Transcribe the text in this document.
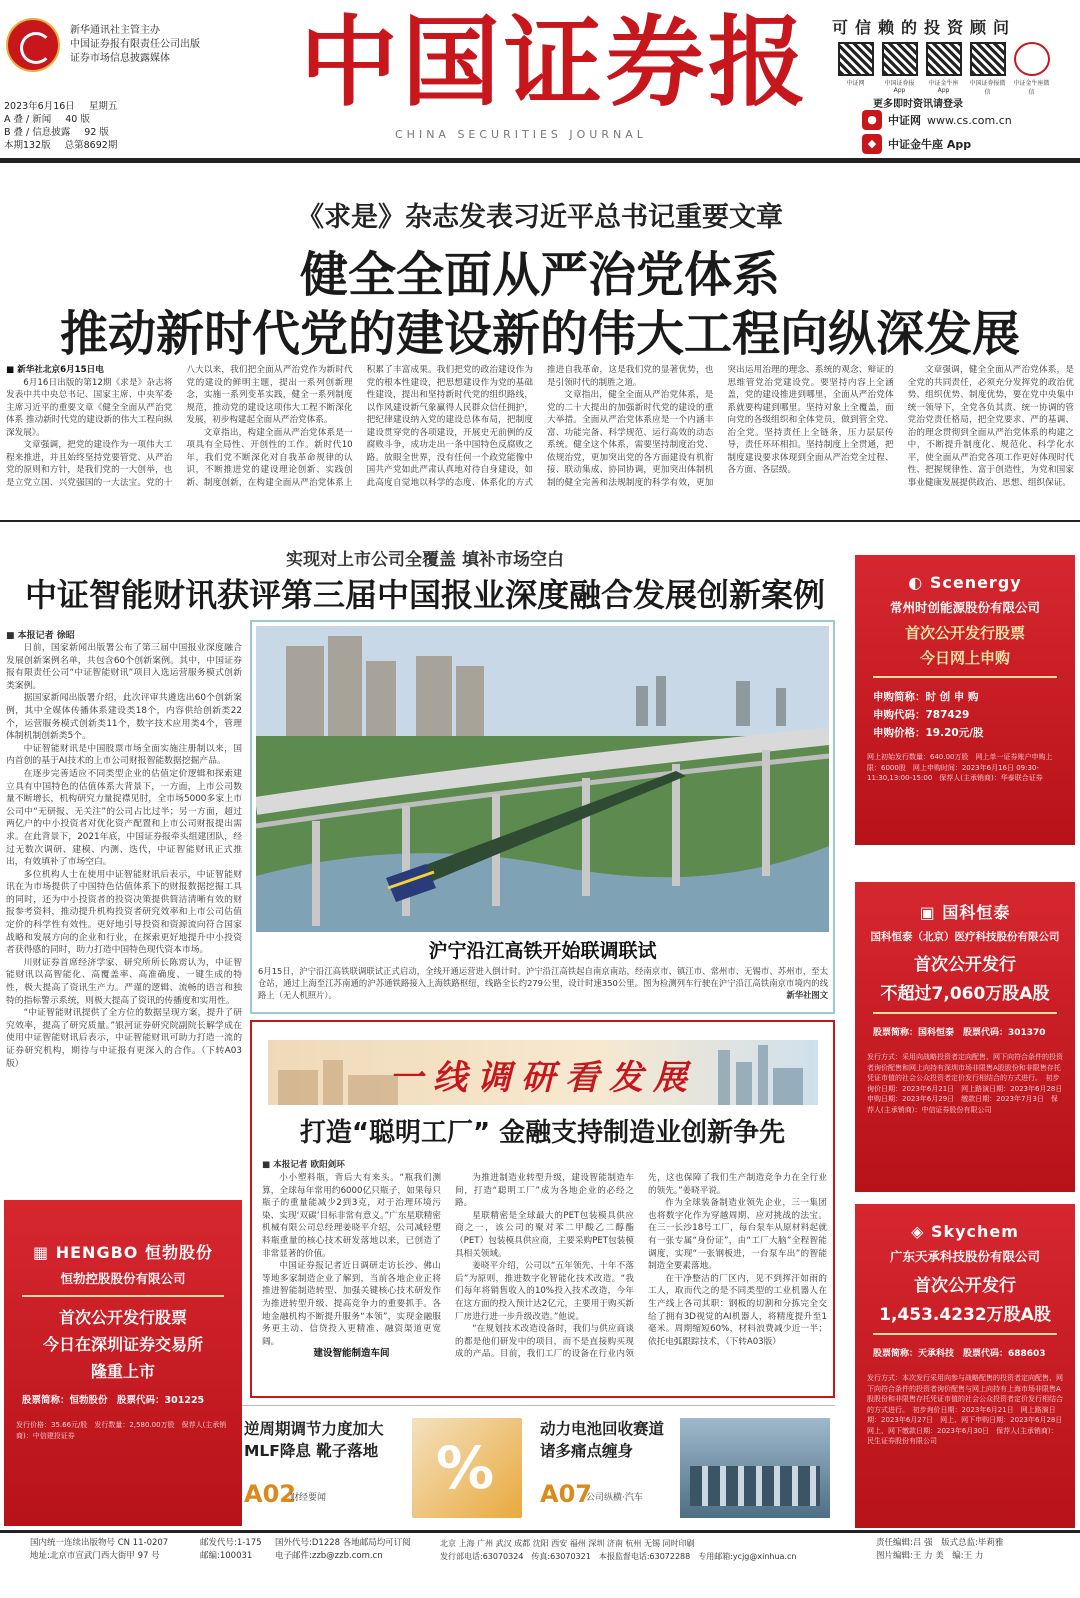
新华通讯社主管主办
中国证券报有限责任公司出版
证券市场信息披露媒体
2023年6月16日 星期五
A 叠 / 新闻 40 版
B 叠 / 信息披露 92 版
本期132版 总第8692期
中国证券报
CHINA SECURITIES JOURNAL
可信赖的投资顾问
中证网	中国证券报App
中证金牛座App
中国证券报微信
中证金牛座微信
更多即时资讯请登录
●	中证网 www.cs.com.cn
◆	中证金牛座 App
《求是》杂志发表习近平总书记重要文章
健全全面从严治党体系
推动新时代党的建设新的伟大工程向纵深发展

■ 新华社北京6月15日电

6月16日出版的第12期《求是》杂志将发表中共中央总书记、国家主席、中央军委主席习近平的重要文章《健全全面从严治党体系 推动新时代党的建设新的伟大工程向纵深发展》。

文章强调，把党的建设作为一项伟大工程来推进，并且始终坚持党要管党、从严治党的原则和方针，是我们党的一大创举，也是立党立国、兴党强国的一大法宝。党的十八大以来，我们把全面从严治党作为新时代党的建设的鲜明主题，提出一系列创新理念，实施一系列变革实践，健全一系列制度规范，推动党的建设这项伟大工程不断深化发展，初步构建起全面从严治党体系。

文章指出，构建全面从严治党体系是一项具有全局性、开创性的工作。新时代10年，我们党不断深化对自我革命规律的认识，不断推进党的建设理论创新、实践创新、制度创新，在构建全面从严治党体系上积累了丰富成果。我们把党的政治建设作为党的根本性建设，把思想建设作为党的基础性建设，提出和坚持新时代党的组织路线，以作风建设新气象赢得人民群众信任拥护，把纪律建设纳入党的建设总体布局，把制度建设贯穿党的各项建设，开展史无前例的反腐败斗争，成功走出一条中国特色反腐败之路。放眼全世界，没有任何一个政党能像中国共产党如此严肃认真地对待自身建设，如此高度自觉地以科学的态度、体系化的方式推进自我革命，这是我们党的显著优势，也是引领时代的制胜之道。

文章指出，健全全面从严治党体系，是党的二十大提出的加强新时代党的建设的重大举措。全面从严治党体系应是一个内涵丰富、功能完备、科学规范、运行高效的动态系统。健全这个体系，需要坚持制度治党、依规治党，更加突出党的各方面建设有机衔接、联动集成、协同协调，更加突出体制机制的健全完善和法规制度的科学有效，更加突出运用治理的理念、系统的观念、辩证的思维管党治党建设党。要坚持内容上全涵盖，党的建设推进到哪里，全面从严治党体系就要构建到哪里。坚持对象上全覆盖，面向党的各级组织和全体党员，做到管全党、治全党。坚持责任上全链条，压力层层传导，责任环环相扣。坚持制度上全贯通，把制度建设要求体现到全面从严治党全过程、各方面、各层级。

文章强调，健全全面从严治党体系，是全党的共同责任，必须充分发挥党的政治优势、组织优势、制度优势，要在党中央集中统一领导下，全党各负其责、统一协调的管党治党责任格局，把全党要求、严的基调、治的理念贯彻到全面从严治党体系的构建之中，不断提升制度化、规范化、科学化水平，使全面从严治党各项工作更好体现时代性、把握规律性、富于创造性，为党和国家事业健康发展提供政治、思想、组织保证。

实现对上市公司全覆盖 填补市场空白
中证智能财讯获评第三届中国报业深度融合发展创新案例
■ 本报记者 徐昭

日前，国家新闻出版署公布了第三届中国报业深度融合发展创新案例名单，共包含60个创新案例。其中，中国证券报有限责任公司“中证智能财讯”项目入选运营服务模式创新类案例。

据国家新闻出版署介绍，此次评审共遴选出60个创新案例，其中全媒体传播体系建设类18个，内容供给创新类22个，运营服务模式创新类11个，数字技术应用类4个，管理体制机制创新类5个。

中证智能财讯是中国股票市场全面实施注册制以来，国内首创的基于AI技术的上市公司财报智能数据挖掘产品。

在逐步完善适应不同类型企业的估值定价逻辑和探索建立具有中国特色的估值体系大背景下，一方面，上市公司数量不断增长，机构研究力量捉襟见肘，全市场5000多家上市公司中“无研报、无关注”的公司占比过半；另一方面，超过两亿户的中小投资者对优化资产配置和上市公司财报提出需求。在此背景下，2021年底，中国证券报牵头组建团队，经过无数次调研、建模、内测、迭代，中证智能财讯正式推出，有效填补了市场空白。

多位机构人士在使用中证智能财讯后表示，中证智能财讯在为市场提供了中国特色估值体系下的财报数据挖掘工具的同时，还为中小投资者的投资决策提供简洁清晰有效的财报参考资料，推动提升机构投资者研究效率和上市公司估值定价的科学性有效性。更好地引导投资和资源流向符合国家战略和发展方向的企业和行业，在探索更好地提升中小投资者获得感的同时，助力打造中国特色现代资本市场。

川财证券首席经济学家、研究所所长陈雳认为，中证智能财讯以高智能化、高覆盖率、高准确度、一键生成的特性，极大提高了资讯生产力。严谨的逻辑、流畅的语言和独特的指标警示系统，则极大提高了资讯的传播度和实用性。

“中证智能财讯提供了全方位的数据呈现方案，提升了研究效率，提高了研究质量。”银河证券研究院副院长解学成在使用中证智能财讯后表示，中证智能财讯可助力打造一流的证券研究机构，期待与中证报有更深入的合作。（下转A03版）

沪宁沿江高铁开始联调联试
6月15日，沪宁沿江高铁联调联试正式启动，全线开通运营进入倒计时。沪宁沿江高铁起自南京南站，经南京市、镇江市、常州市、无锡市、苏州市，至太仓站，通过上海至江苏南通的沪苏通铁路接入上海铁路枢纽，线路全长约279公里，设计时速350公里。图为检测列车行驶在沪宁沿江高铁南京市境内的线路上（无人机照片）。	新华社图文
一线调研看发展
打造“聪明工厂” 金融支持制造业创新争先
■ 本报记者 欧阳剑环

小小塑料瓶，背后大有来头。“瓶我们测算，全球每年常用约6000亿只瓶子，如果每只瓶子的重量能减少2到3克，对于治理环境污染、实现‘双碳’目标非常有意义。”广东星联精密机械有限公司总经理姜晓平介绍，公司减轻塑料瓶重量的核心技术研发落地以来，已创造了非常显著的价值。

中国证券报记者近日调研走访长沙、佛山等地多家制造企业了解到，当前各地企业正将推进智能制造转型、加强关键核心技术研发作为推进转型升级、提高竞争力的重要抓手。各地金融机构不断提升服务“本领”，实现金融服务更主动、信贷投入更精准、融资渠道更宽阔。

建设智能制造车间

为推进制造业转型升级，建设智能制造车间，打造“聪明工厂”成为各地企业的必经之路。

星联精密是全球最大的PET包装模具供应商之一，该公司的聚对苯二甲酸乙二醇酯（PET）包装模具供应商，主要采购PET包装模具相关领域。

姜晓平介绍，公司以“五年领先、十年不落后”为原则，推进数字化智能化技术改造。“我们每年将销售收入的10%投入技术改造，今年在这方面的投入预计达2亿元，主要用于购买新厂房进行进一步升级改造。”他说。

“在规划技术改造设备时，我们与供应商谈的都是他们研发中的项目，而不是直接购买现成的产品。目前，我们工厂的设备在行业内领先，这也保障了我们生产制造竞争力在全行业的领先。”姜晓平说。

作为全球装备制造业领先企业，三一集团也将数字化作为穿越周期、应对挑战的法宝。在三一长沙18号工厂，每台泵车从原材料起就有一张专属“身份证”，由“工厂大脑”全程智能调度，实现“一张钢板进，一台泵车出”的智能制造全要素落地。

在干净整洁的厂区内，见不到挥汗如雨的工人，取而代之的是不同类型的工业机器人在生产线上各司其职：钢板的切割和分拣完全交给了拥有3D视觉的AI机器人，将精度提升至1毫米。周期缩短60%，材料浪费减少近一半；依托电弧跟踪技术，（下转A03版）

◐ Scenergy
常州时创能源股份有限公司
首次公开发行股票
今日网上申购
申购简称：时 创 申 购
申购代码：787429
申购价格：19.20元/股
网上初始发行数量：640.00万股　网上单一证券账户申购上限：6000股　网上申购时间：2023年6月16日 09:30-11:30,13:00-15:00　保荐人(主承销商)：华泰联合证券
▣ 国科恒泰
国科恒泰（北京）医疗科技股份有限公司
首次公开发行
不超过7,060万股A股
股票简称：国科恒泰　股票代码：301370
发行方式：采用向战略投资者定向配售、网下向符合条件的投资者询价配售和网上向持有深圳市场非限售A股股份和非限售存托凭证市值的社会公众投资者定价发行相结合的方式进行。　初步询价日期：2023年6月21日　网上路演日期：2023年6月28日　申购日期：2023年6月29日　缴款日期：2023年7月3日　保荐人(主承销商)：中信证券股份有限公司
◈ Skychem
广东天承科技股份有限公司
首次公开发行
1,453.4232万股A股
股票简称：天承科技　股票代码：688603
发行方式：本次发行采用向参与战略配售的投资者定向配售、网下向符合条件的投资者询价配售与网上向持有上海市场非限售A股股份和非限售存托凭证市值的社会公众投资者定价发行相结合的方式进行。　初步询价日期：2023年6月21日　网上路演日期：2023年6月27日　网上、网下申购日期：2023年6月28日　网上、网下缴款日期：2023年6月30日　保荐人(主承销商)：民生证券股份有限公司
▦ HENGBO 恒勃股份
恒勃控股股份有限公司
首次公开发行股票
今日在深圳证券交易所
隆重上市
股票简称：恒勃股份　股票代码：301225
发行价格：35.66元/股　发行数量：2,580.00万股　保荐人(主承销商)：中信建投证券	逆周期调节力度加大
MLF降息 靴子落地
A02
财经要闻 %
动力电池回收赛道
诸多痛点缠身
A07
公司纵横·汽车
国内统一连续出版物号 CN 11-0207
地址:北京市宣武门西大街甲 97 号
邮发代号:1-175
邮编:100031
国外代号:D1228 各地邮局均可订阅
电子邮件:zzb@zzb.com.cn
北京 上海 广州 武汉 成都 沈阳 西安 福州 深圳 济南 杭州 无锡 同时印刷
发行部电话:63070324　传真:63070321　本报监督电话:63072288　专用邮箱:ycjg@xinhua.cn
责任编辑:吕 强　版式总监:毕莉雅
图片编辑:王 力 美　编:王 力
